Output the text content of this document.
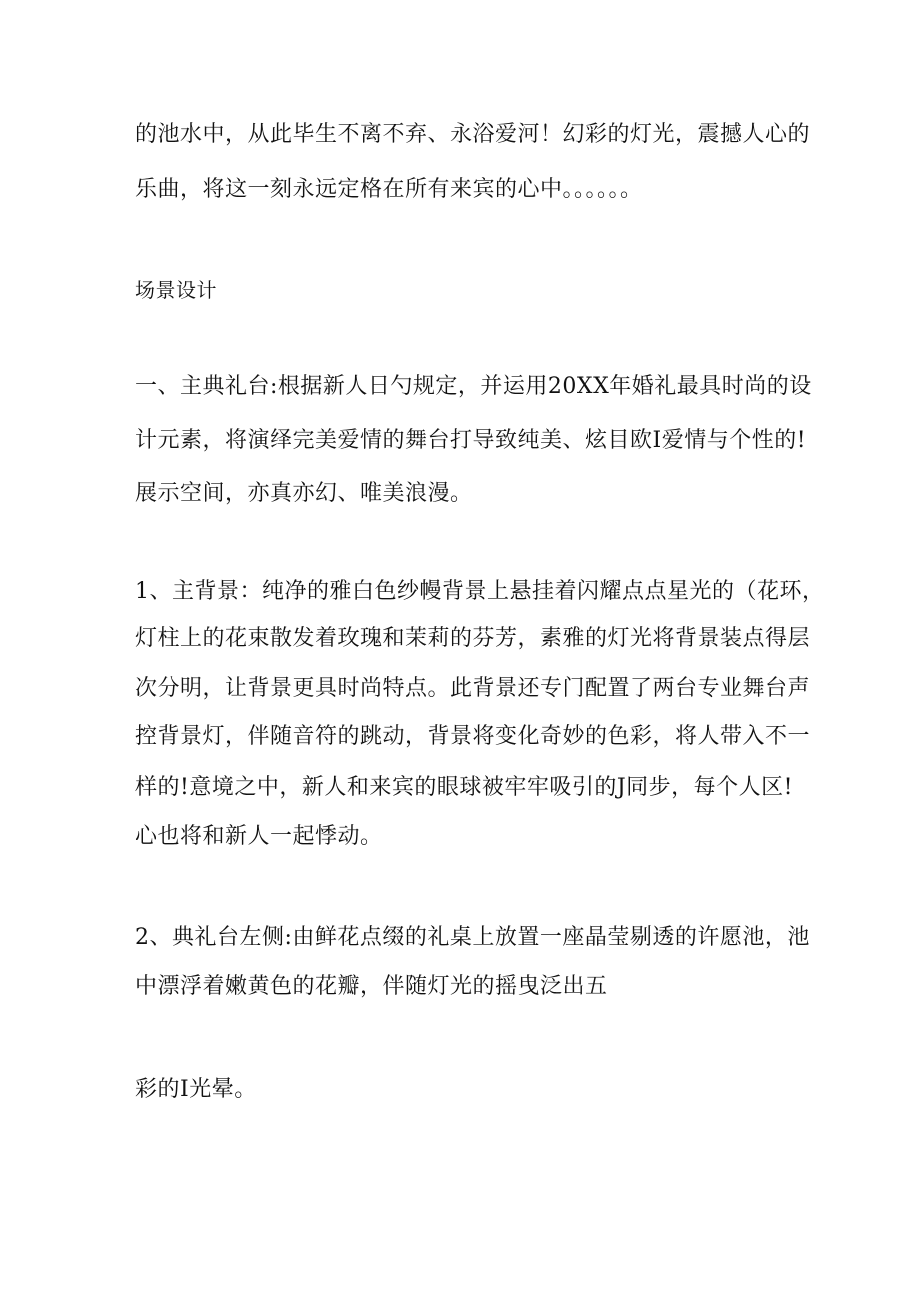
的池水中，从此毕生不离不弃、永浴爱河！幻彩的灯光，震撼人心的
乐曲，将这一刻永远定格在所有来宾的心中。。。。。。
场景设计
一、主典礼台:根据新人日勺规定，并运用20XX年婚礼最具时尚的设
计元素，将演绎完美爱情的舞台打导致纯美、炫目欧I爱情与个性的!
展示空间，亦真亦幻、唯美浪漫。
1、主背景：纯净的雅白色纱幔背景上悬挂着闪耀点点星光的（花环，
灯柱上的花束散发着玫瑰和茉莉的芬芳，素雅的灯光将背景装点得层
次分明，让背景更具时尚特点。此背景还专门配置了两台专业舞台声
控背景灯，伴随音符的跳动，背景将变化奇妙的色彩，将人带入不一
样的!意境之中，新人和来宾的眼球被牢牢吸引的J同步，每个人区!
心也将和新人一起悸动。
2、典礼台左侧:由鲜花点缀的礼桌上放置一座晶莹剔透的许愿池，池
中漂浮着嫩黄色的花瓣，伴随灯光的摇曳泛出五
彩的I光晕。
